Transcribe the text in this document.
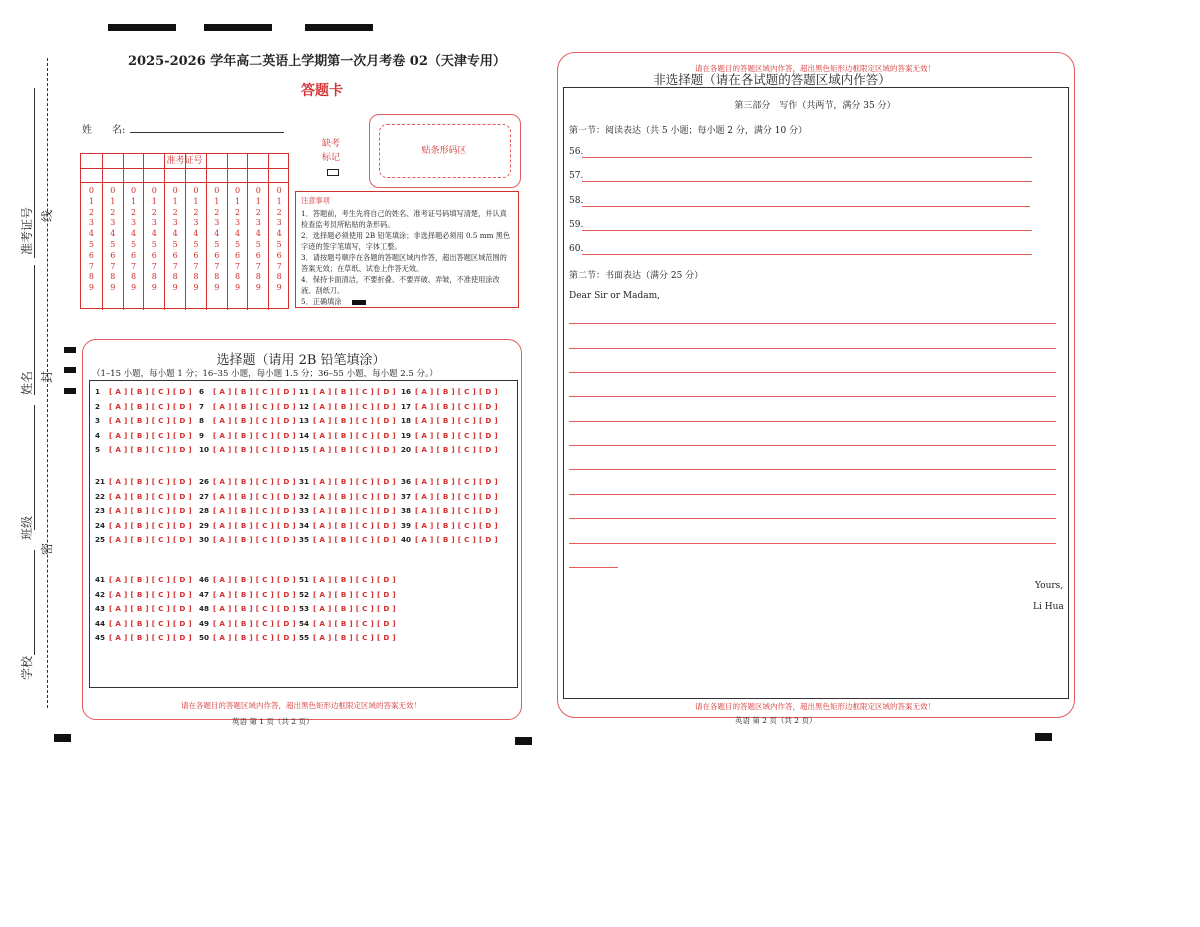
准考证号 线
姓名 封
班级
密
学校
2025-2026 学年高二英语上学期第一次月考卷 02（天津专用）
答题卡
姓　　名:
缺考标记
贴条形码区
准考证号
0
1
2
3
4
5
6
7
8
9
0
1
2
3
4
5
6
7
8
9
0
1
2
3
4
5
6
7
8
9
0
1
2
3
4
5
6
7
8
9
0
1
2
3
4
5
6
7
8
9
0
1
2
3
4
5
6
7
8
9
0
1
2
3
4
5
6
7
8
9
0
1
2
3
4
5
6
7
8
9
0
1
2
3
4
5
6
7
8
9
0
1
2
3
4
5
6
7
8
9
注意事项
1．答题前，考生先将自己的姓名、准考证号码填写清楚，并认真检查监考员所粘贴的条形码。
2．选择题必须使用 2B 铅笔填涂；非选择题必须用 0.5 mm 黑色字迹的签字笔填写，字体工整。
3．请按题号顺序在各题的答题区域内作答，超出答题区域范围的答案无效；在草纸、试卷上作答无效。
4．保持卡面清洁，不要折叠、不要弄破、弄皱，不准使用涂改液、刮纸刀。
5．正确填涂
选择题（请用 2B 铅笔填涂）
（1–15 小题，每小题 1 分；16–35 小题，每小题 1.5 分；36–55 小题，每小题 2.5 分。）
1 [ A ] [ B ] [ C ] [ D ]
2 [ A ] [ B ] [ C ] [ D ]
3 [ A ] [ B ] [ C ] [ D ]
4 [ A ] [ B ] [ C ] [ D ]
5 [ A ] [ B ] [ C ] [ D ]
6 [ A ] [ B ] [ C ] [ D ]
7 [ A ] [ B ] [ C ] [ D ]
8 [ A ] [ B ] [ C ] [ D ]
9 [ A ] [ B ] [ C ] [ D ]
10 [ A ] [ B ] [ C ] [ D ]
11 [ A ] [ B ] [ C ] [ D ]
12 [ A ] [ B ] [ C ] [ D ]
13 [ A ] [ B ] [ C ] [ D ]
14 [ A ] [ B ] [ C ] [ D ]
15 [ A ] [ B ] [ C ] [ D ]
16 [ A ] [ B ] [ C ] [ D ]
17 [ A ] [ B ] [ C ] [ D ]
18 [ A ] [ B ] [ C ] [ D ]
19 [ A ] [ B ] [ C ] [ D ]
20 [ A ] [ B ] [ C ] [ D ]
21 [ A ] [ B ] [ C ] [ D ]
22 [ A ] [ B ] [ C ] [ D ]
23 [ A ] [ B ] [ C ] [ D ]
24 [ A ] [ B ] [ C ] [ D ]
25 [ A ] [ B ] [ C ] [ D ]
26 [ A ] [ B ] [ C ] [ D ]
27 [ A ] [ B ] [ C ] [ D ]
28 [ A ] [ B ] [ C ] [ D ]
29 [ A ] [ B ] [ C ] [ D ]
30 [ A ] [ B ] [ C ] [ D ]
31 [ A ] [ B ] [ C ] [ D ]
32 [ A ] [ B ] [ C ] [ D ]
33 [ A ] [ B ] [ C ] [ D ]
34 [ A ] [ B ] [ C ] [ D ]
35 [ A ] [ B ] [ C ] [ D ]
36 [ A ] [ B ] [ C ] [ D ]
37 [ A ] [ B ] [ C ] [ D ]
38 [ A ] [ B ] [ C ] [ D ]
39 [ A ] [ B ] [ C ] [ D ]
40 [ A ] [ B ] [ C ] [ D ]
41 [ A ] [ B ] [ C ] [ D ]
42 [ A ] [ B ] [ C ] [ D ]
43 [ A ] [ B ] [ C ] [ D ]
44 [ A ] [ B ] [ C ] [ D ]
45 [ A ] [ B ] [ C ] [ D ]
46 [ A ] [ B ] [ C ] [ D ]
47 [ A ] [ B ] [ C ] [ D ]
48 [ A ] [ B ] [ C ] [ D ]
49 [ A ] [ B ] [ C ] [ D ]
50 [ A ] [ B ] [ C ] [ D ]
51 [ A ] [ B ] [ C ] [ D ]
52 [ A ] [ B ] [ C ] [ D ]
53 [ A ] [ B ] [ C ] [ D ]
54 [ A ] [ B ] [ C ] [ D ]
55 [ A ] [ B ] [ C ] [ D ]
请在各题目的答题区域内作答，超出黑色矩形边框限定区域的答案无效！
英语 第 1 页（共 2 页）
请在各题目的答题区域内作答，超出黑色矩形边框限定区域的答案无效！
非选择题（请在各试题的答题区域内作答）
第三部分　写作（共两节，满分 35 分）
第一节：阅读表达（共 5 小题；每小题 2 分，满分 10 分）
56.
57.
58.
59.
60.
第二节：书面表达（满分 25 分）
Dear Sir or Madam,
Yours,
Li Hua
请在各题目的答题区域内作答，超出黑色矩形边框限定区域的答案无效！
英语 第 2 页（共 2 页）
